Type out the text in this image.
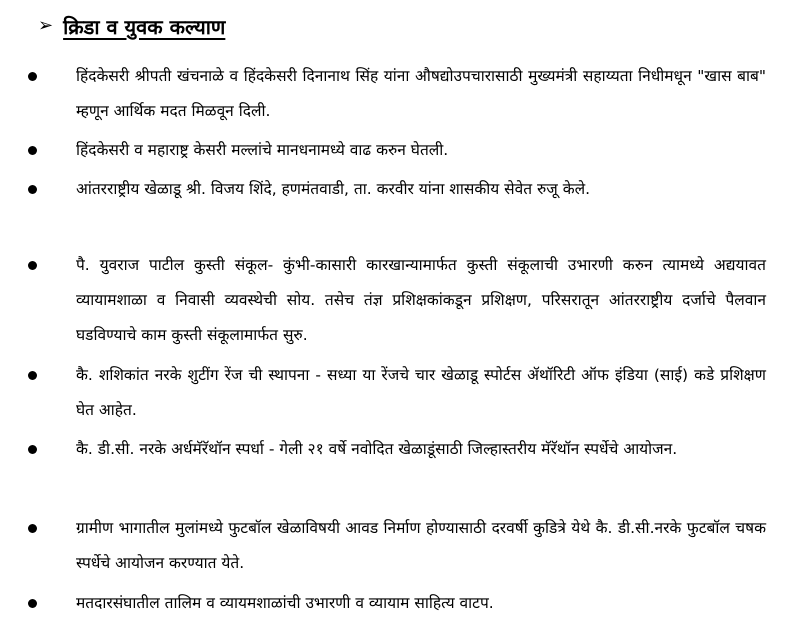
➢ क्रिडा व युवक कल्याण
हिंदकेसरी श्रीपती खंचनाळे व हिंदकेसरी दिनानाथ सिंह यांना औषद्योउपचारासाठी मुख्यमंत्री सहाय्यता निधीमधून "खास बाब" म्हणून आर्थिक मदत मिळवून दिली.
हिंदकेसरी व महाराष्ट्र केसरी मल्लांचे मानधनामध्ये वाढ करुन घेतली.
आंतरराष्ट्रीय खेळाडू श्री. विजय शिंदे, हणमंतवाडी, ता. करवीर यांना शासकीय सेवेत रुजू केले.
पै. युवराज पाटील कुस्ती संकूल- कुंभी-कासारी कारखान्यामार्फत कुस्ती संकूलाची उभारणी करुन त्यामध्ये अद्ययावत व्यायामशाळा व निवासी व्यवस्थेची सोय. तसेच तंज्ञ प्रशिक्षकांकडून प्रशिक्षण, परिसरातून आंतरराष्ट्रीय दर्जाचे पैलवान घडविण्याचे काम कुस्ती संकूलामार्फत सुरु.
कै. शशिकांत नरके शुटींग रेंज ची स्थापना - सध्या या रेंजचे चार खेळाडू स्पोर्टस ॲथॉरिटी ऑफ इंडिया (साई) कडे प्रशिक्षण घेत आहेत.
कै. डी.सी. नरके अर्धमॅरॅथॉन स्पर्धा - गेली २१ वर्षे नवोदित खेळाडूंसाठी जिल्हास्तरीय मॅरॅथॉन स्पर्धेचे आयोजन.
ग्रामीण भागातील मुलांमध्ये फुटबॉल खेळाविषयी आवड निर्माण होण्यासाठी दरवर्षी कुडित्रे येथे कै. डी.सी.नरके फुटबॉल चषक स्पर्धेचे आयोजन करण्यात येते.
मतदारसंघातील तालिम व व्यायमशाळांची उभारणी व व्यायाम साहित्य वाटप.
